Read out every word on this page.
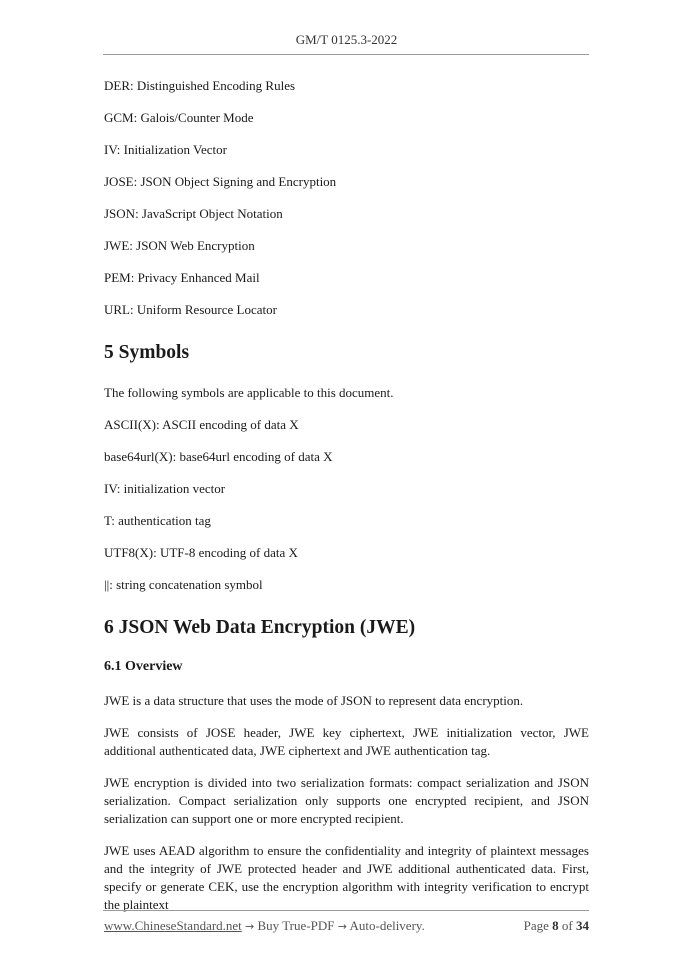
GM/T 0125.3-2022
DER: Distinguished Encoding Rules
GCM: Galois/Counter Mode
IV: Initialization Vector
JOSE: JSON Object Signing and Encryption
JSON: JavaScript Object Notation
JWE: JSON Web Encryption
PEM: Privacy Enhanced Mail
URL: Uniform Resource Locator
5 Symbols
The following symbols are applicable to this document.
ASCII(X): ASCII encoding of data X
base64url(X): base64url encoding of data X
IV: initialization vector
T: authentication tag
UTF8(X): UTF-8 encoding of data X
||: string concatenation symbol
6 JSON Web Data Encryption (JWE)
6.1 Overview
JWE is a data structure that uses the mode of JSON to represent data encryption.
JWE consists of JOSE header, JWE key ciphertext, JWE initialization vector, JWE additional authenticated data, JWE ciphertext and JWE authentication tag.
JWE encryption is divided into two serialization formats: compact serialization and JSON serialization. Compact serialization only supports one encrypted recipient, and JSON serialization can support one or more encrypted recipient.
JWE uses AEAD algorithm to ensure the confidentiality and integrity of plaintext messages and the integrity of JWE protected header and JWE additional authenticated data. First, specify or generate CEK, use the encryption algorithm with integrity verification to encrypt the plaintext
www.ChineseStandard.net → Buy True-PDF → Auto-delivery.	Page 8 of 34
